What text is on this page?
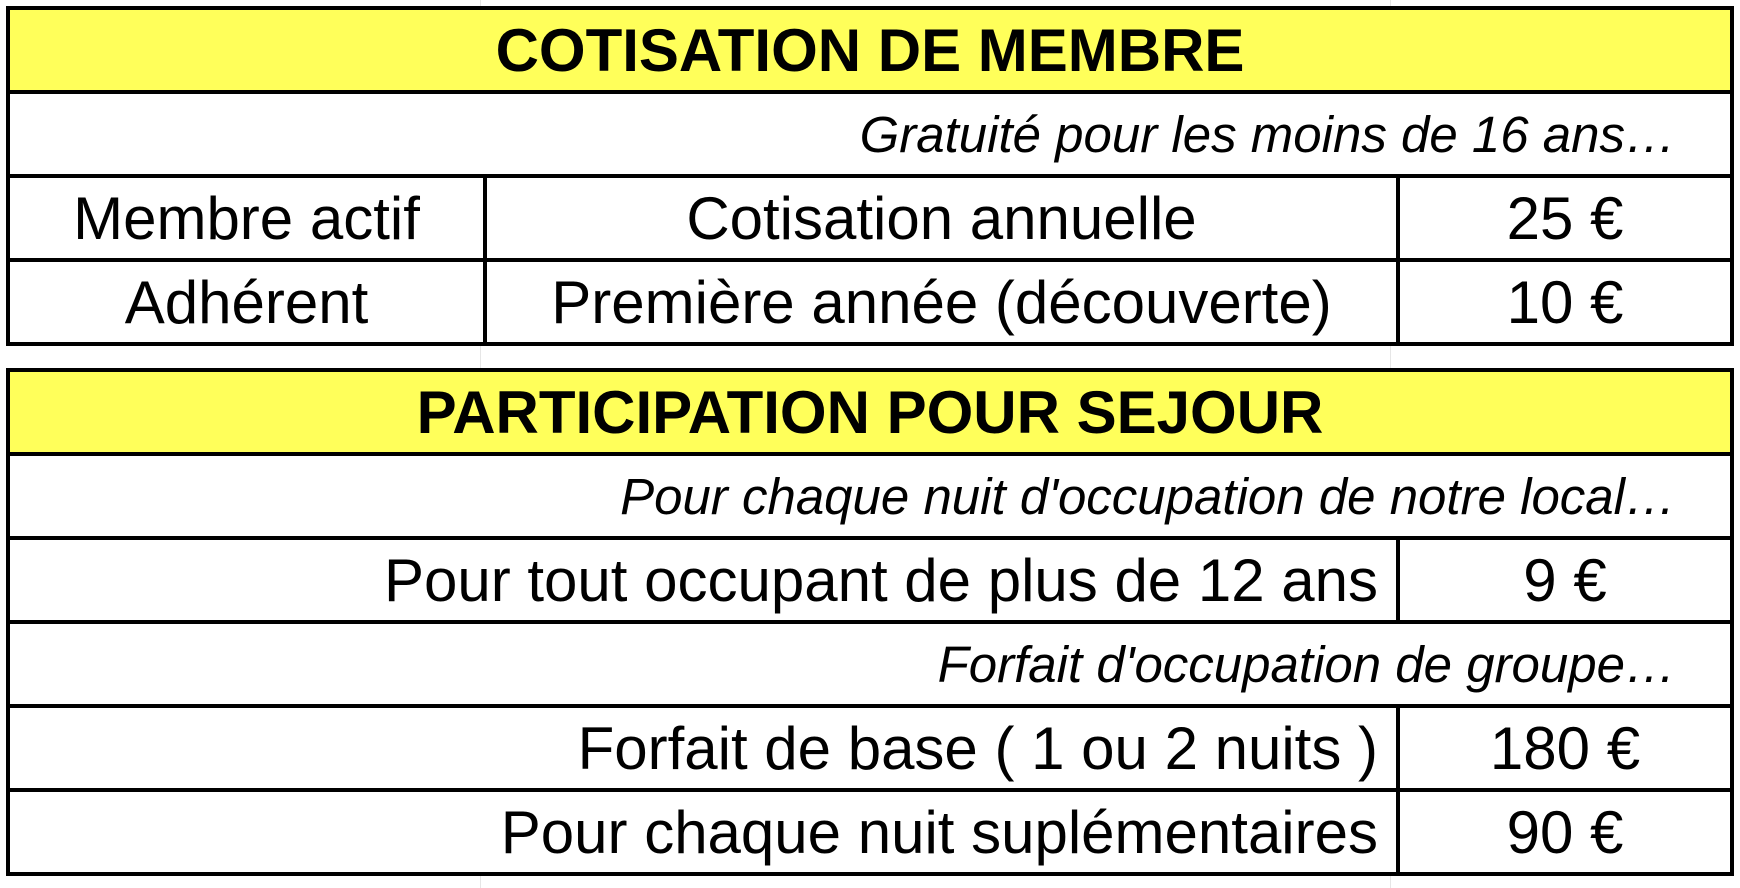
COTISATION DE MEMBRE		
Gratuité pour les moins de 16 ans…		
Membre actif	Cotisation annuelle	25 €
Adhérent	Première année (découverte)	10 €
PARTICIPATION POUR SEJOUR	
Pour chaque nuit d'occupation de notre local…	
Pour tout occupant de plus de 12 ans	9 €
Forfait d'occupation de groupe…	
Forfait de base ( 1 ou 2 nuits )	180 €
Pour chaque nuit suplémentaires	90 €
